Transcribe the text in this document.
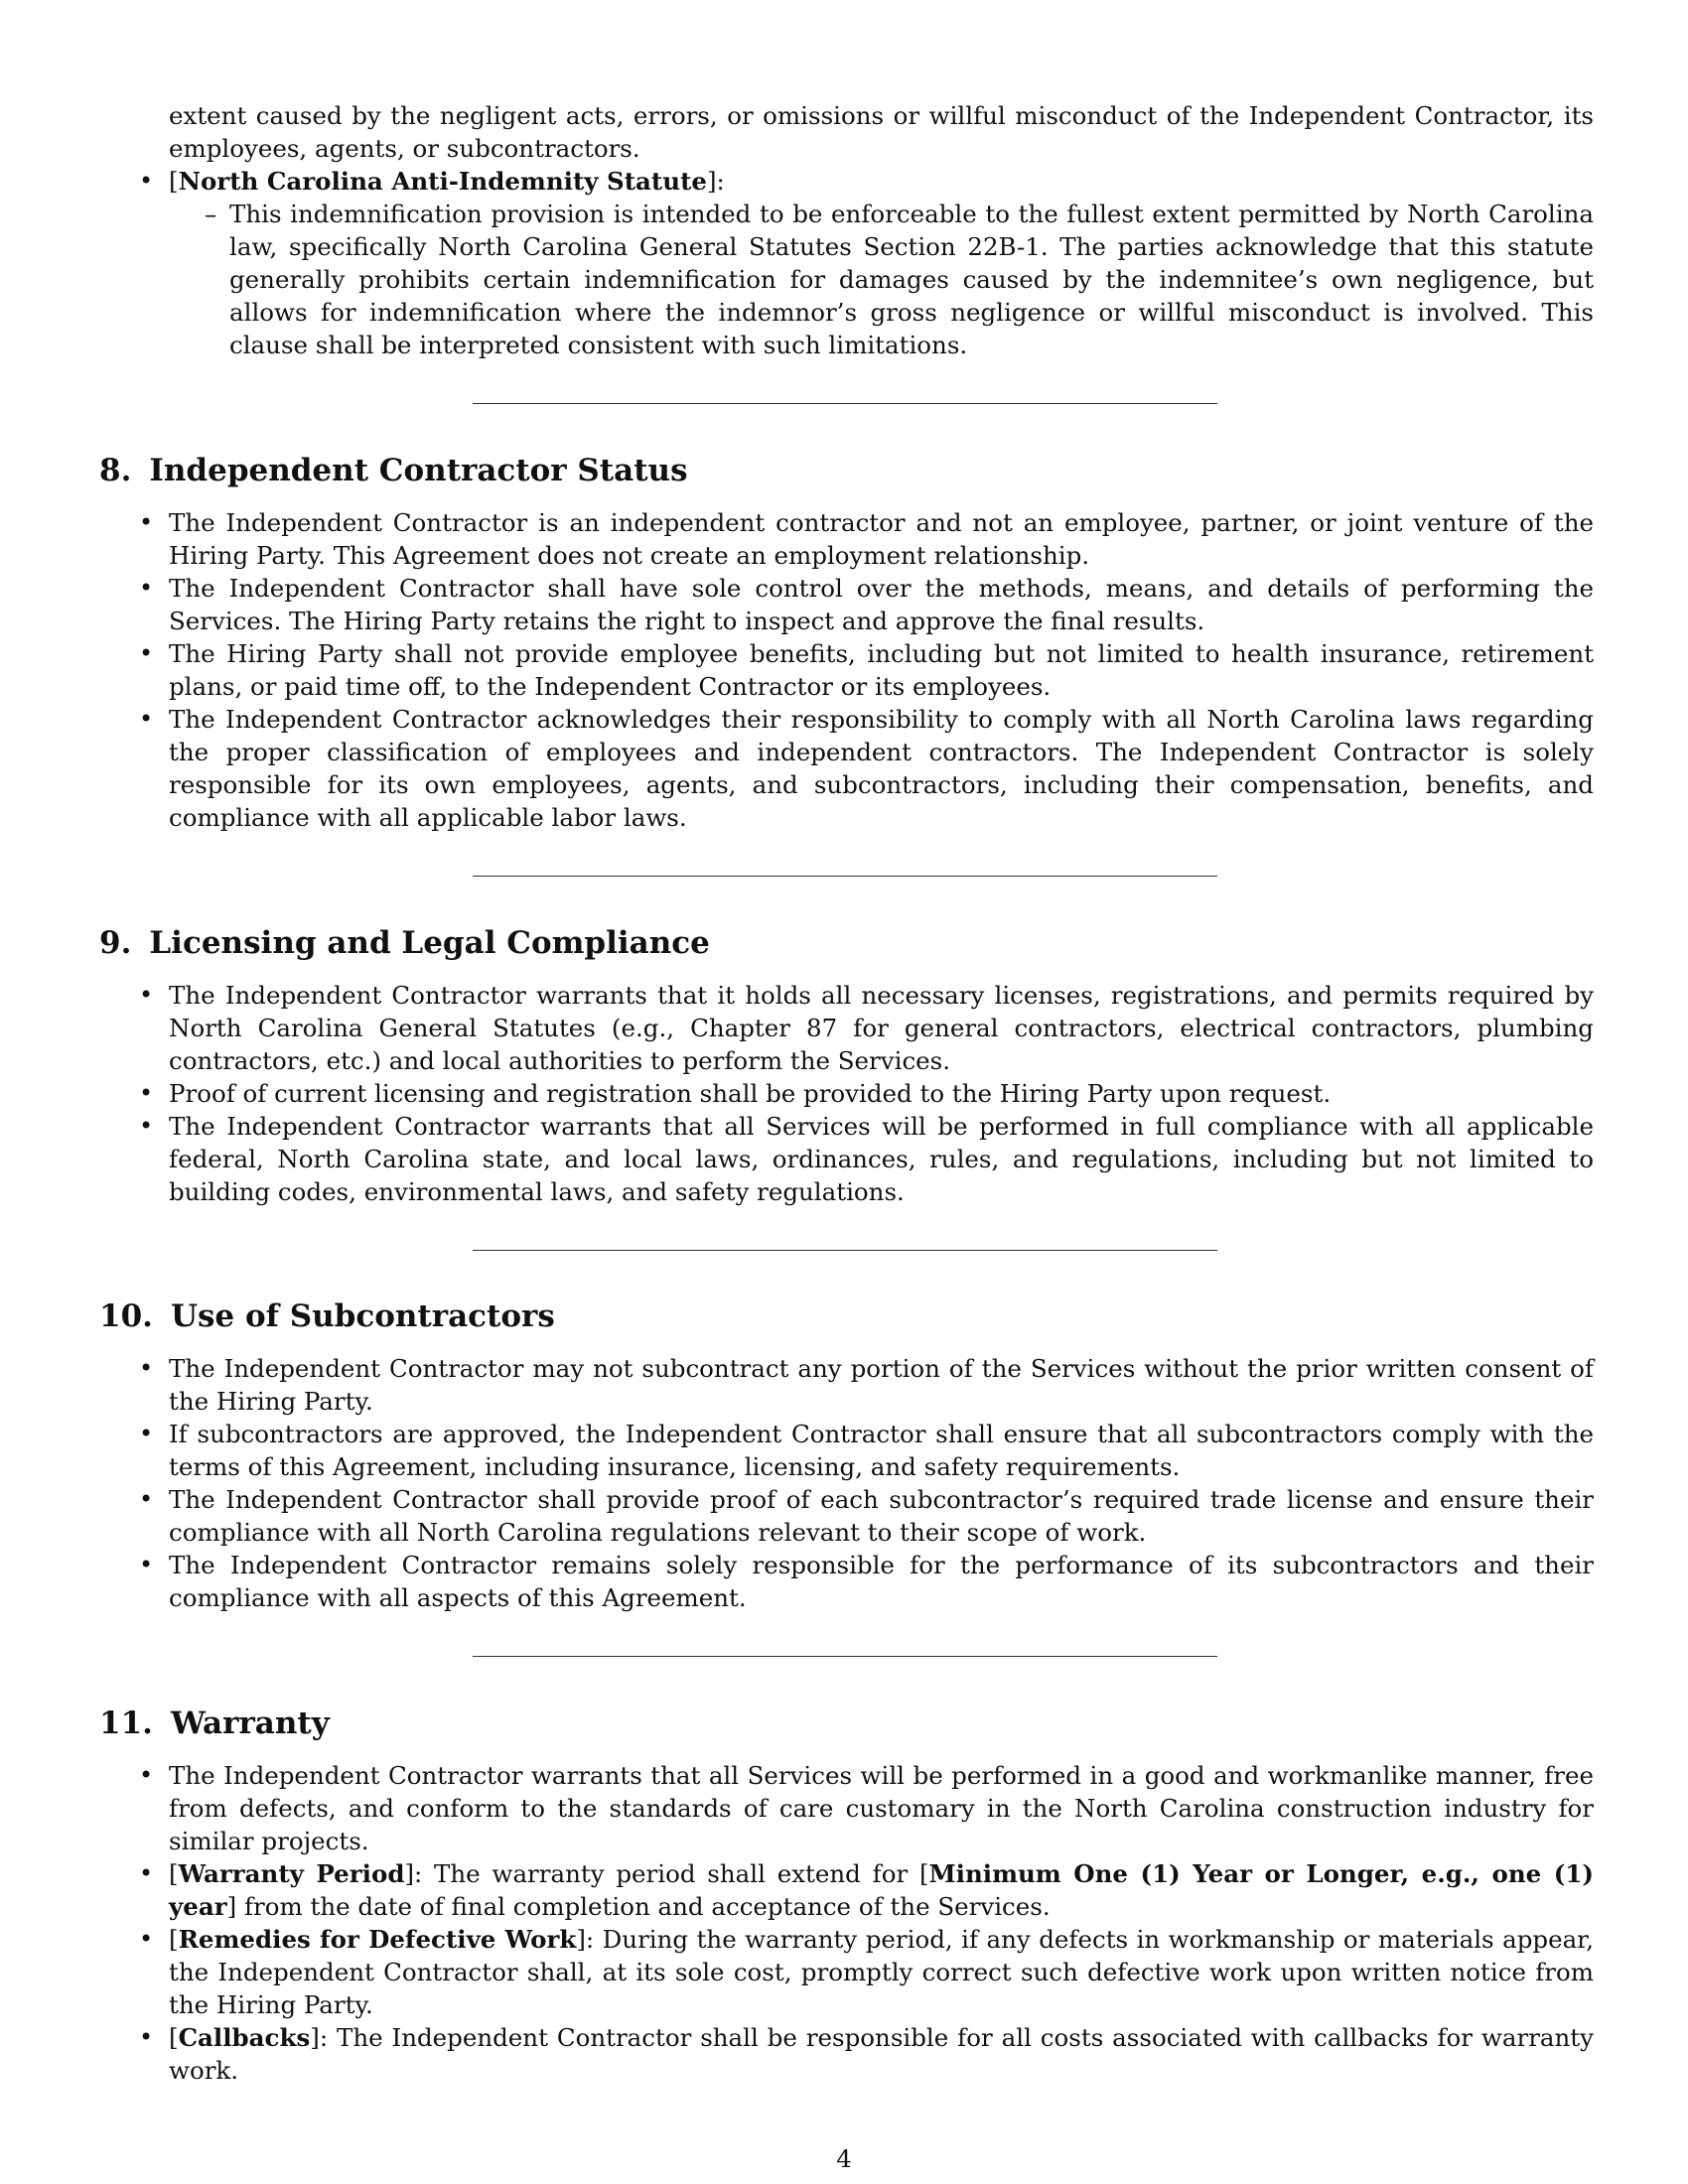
extent caused by the negligent acts, errors, or omissions or willful misconduct of the Independent Contractor, its employees, agents, or subcontractors.

• [North Carolina Anti-Indemnity Statute]:
– This indemnification provision is intended to be enforceable to the fullest extent permitted by North Carolina law, specifically North Carolina General Statutes Section 22B-1. The parties acknowledge that this statute generally prohibits certain indemnification for damages caused by the indemnitee’s own negligence, but allows for indemnification where the indemnor’s gross negligence or willful misconduct is involved. This clause shall be interpreted consistent with such limitations.
8. Independent Contractor Status
• The Independent Contractor is an independent contractor and not an employee, partner, or joint venture of the Hiring Party. This Agreement does not create an employment relationship.
• The Independent Contractor shall have sole control over the methods, means, and details of performing the Services. The Hiring Party retains the right to inspect and approve the final results.
• The Hiring Party shall not provide employee benefits, including but not limited to health insurance, retirement plans, or paid time off, to the Independent Contractor or its employees.
• The Independent Contractor acknowledges their responsibility to comply with all North Carolina laws regarding the proper classification of employees and independent contractors. The Independent Contractor is solely responsible for its own employees, agents, and subcontractors, including their compensation, benefits, and compliance with all applicable labor laws.
9. Licensing and Legal Compliance
• The Independent Contractor warrants that it holds all necessary licenses, registrations, and permits required by North Carolina General Statutes (e.g., Chapter 87 for general contractors, electrical contractors, plumbing contractors, etc.) and local authorities to perform the Services.
• Proof of current licensing and registration shall be provided to the Hiring Party upon request.
• The Independent Contractor warrants that all Services will be performed in full compliance with all applicable federal, North Carolina state, and local laws, ordinances, rules, and regulations, including but not limited to building codes, environmental laws, and safety regulations.
10. Use of Subcontractors
• The Independent Contractor may not subcontract any portion of the Services without the prior written consent of the Hiring Party.
• If subcontractors are approved, the Independent Contractor shall ensure that all subcontractors comply with the terms of this Agreement, including insurance, licensing, and safety requirements.
• The Independent Contractor shall provide proof of each subcontractor’s required trade license and ensure their compliance with all North Carolina regulations relevant to their scope of work.
• The Independent Contractor remains solely responsible for the performance of its subcontractors and their compliance with all aspects of this Agreement.
11. Warranty
• The Independent Contractor warrants that all Services will be performed in a good and workmanlike manner, free from defects, and conform to the standards of care customary in the North Carolina construction industry for similar projects.
• [Warranty Period]: The warranty period shall extend for [Minimum One (1) Year or Longer, e.g., one (1) year] from the date of final completion and acceptance of the Services.
• [Remedies for Defective Work]: During the warranty period, if any defects in workmanship or materials appear, the Independent Contractor shall, at its sole cost, promptly correct such defective work upon written notice from the Hiring Party.
• [Callbacks]: The Independent Contractor shall be responsible for all costs associated with callbacks for warranty work.
4
